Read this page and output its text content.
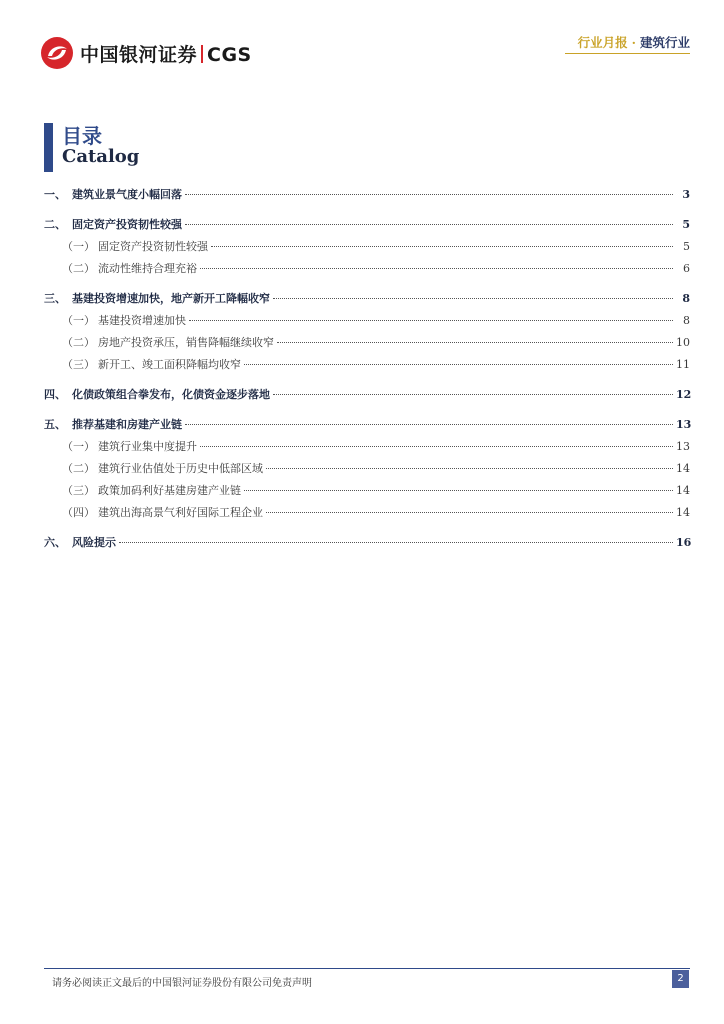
中国银河证券 CGS
行业月报 · 建筑行业
目录
Catalog
一、 建筑业景气度小幅回落	3
二、 固定资产投资韧性较强	5
（一） 固定资产投资韧性较强	5
（二） 流动性维持合理充裕	6
三、 基建投资增速加快，地产新开工降幅收窄	8
（一） 基建投资增速加快	8
（二） 房地产投资承压，销售降幅继续收窄	10
（三） 新开工、竣工面积降幅均收窄	11
四、 化债政策组合拳发布，化债资金逐步落地	12
五、 推荐基建和房建产业链	13
（一） 建筑行业集中度提升	13
（二） 建筑行业估值处于历史中低部区域	14
（三） 政策加码利好基建房建产业链	14
（四） 建筑出海高景气利好国际工程企业	14
六、 风险提示	16
请务必阅读正文最后的中国银河证券股份有限公司免责声明	2
